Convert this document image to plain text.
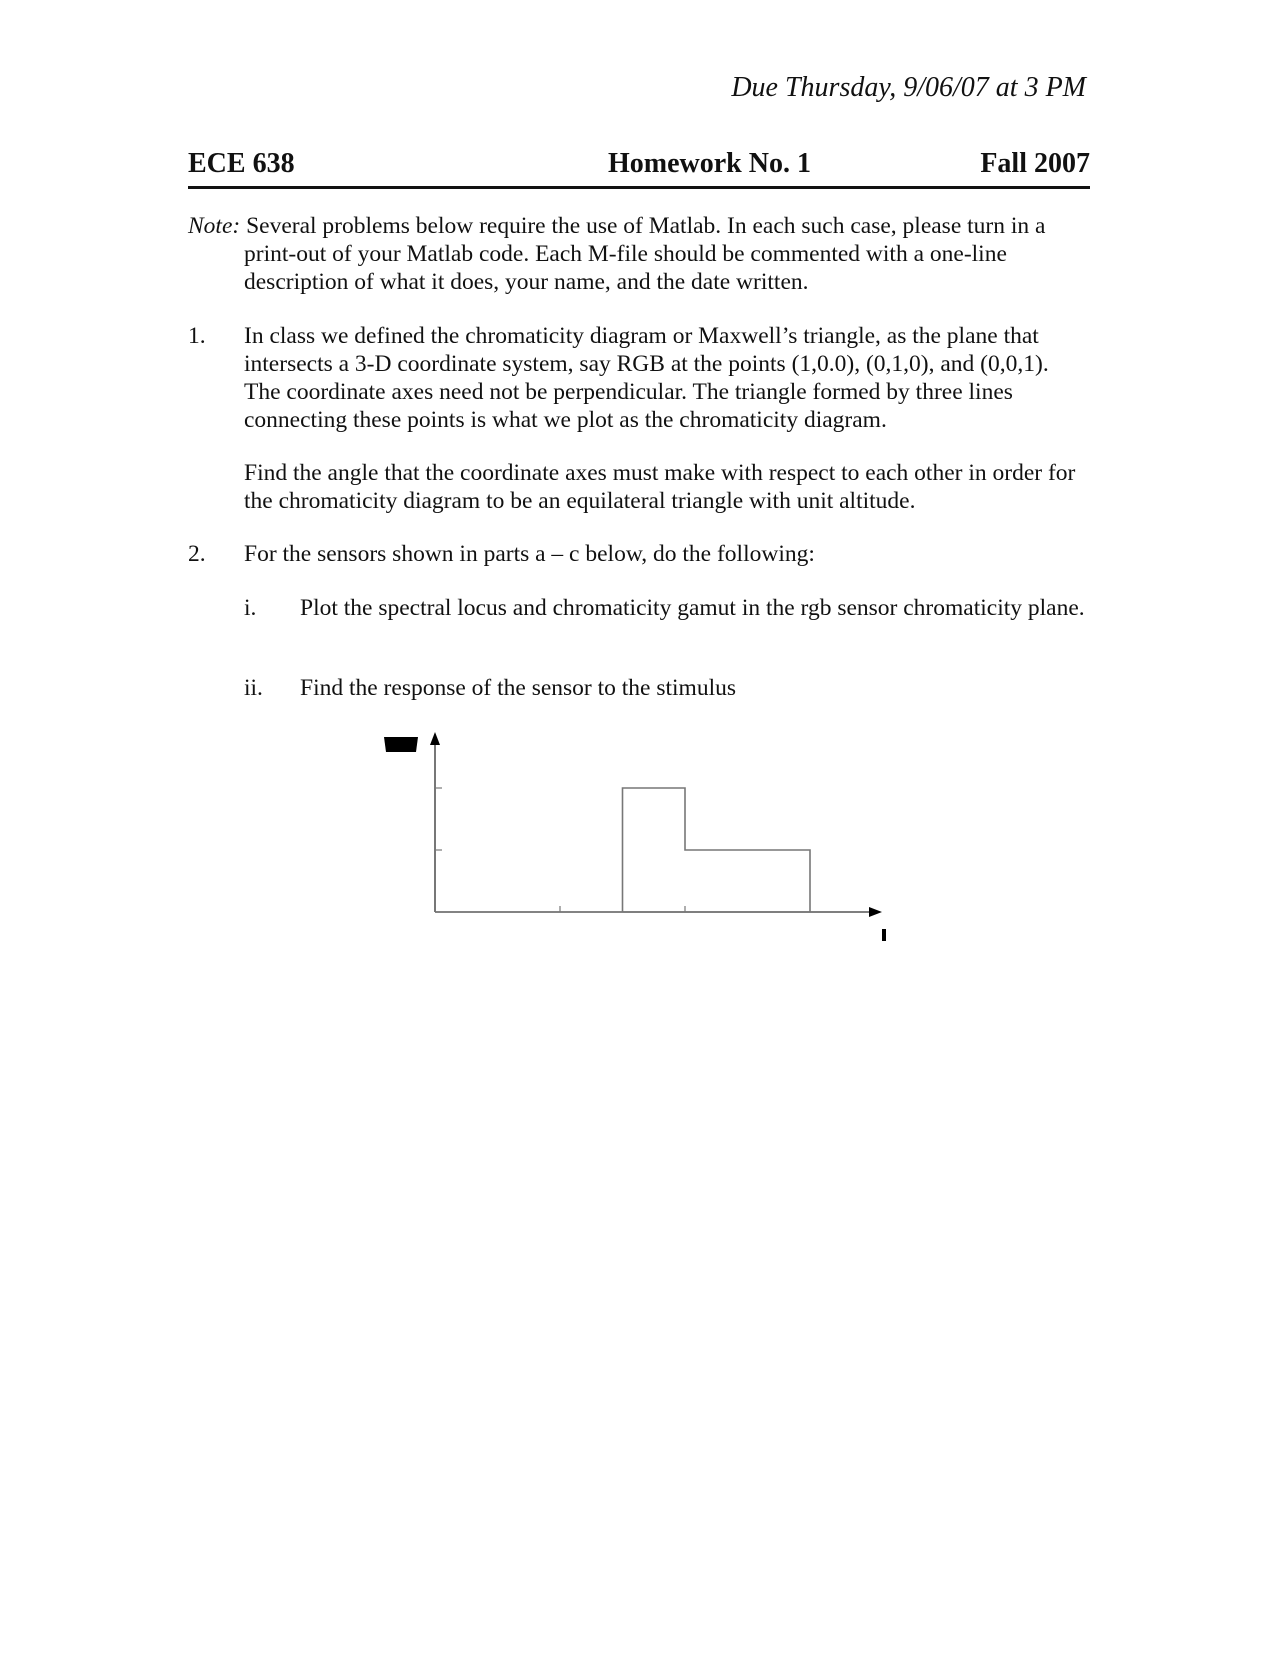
Due Thursday, 9/06/07 at 3 PM
ECE 638	Homework No. 1	Fall 2007
Note: Several problems below require the use of Matlab. In each such case, please turn in a print-out of your Matlab code. Each M-file should be commented with a one-line description of what it does, your name, and the date written.
1. In class we defined the chromaticity diagram or Maxwell’s triangle, as the plane that intersects a 3-D coordinate system, say RGB at the points (1,0.0), (0,1,0), and (0,0,1). The coordinate axes need not be perpendicular. The triangle formed by three lines connecting these points is what we plot as the chromaticity diagram.
Find the angle that the coordinate axes must make with respect to each other in order for the chromaticity diagram to be an equilateral triangle with unit altitude.
2. For the sensors shown in parts a – c below, do the following:
i. Plot the spectral locus and chromaticity gamut in the rgb sensor chromaticity plane.
ii. Find the response of the sensor to the stimulus
